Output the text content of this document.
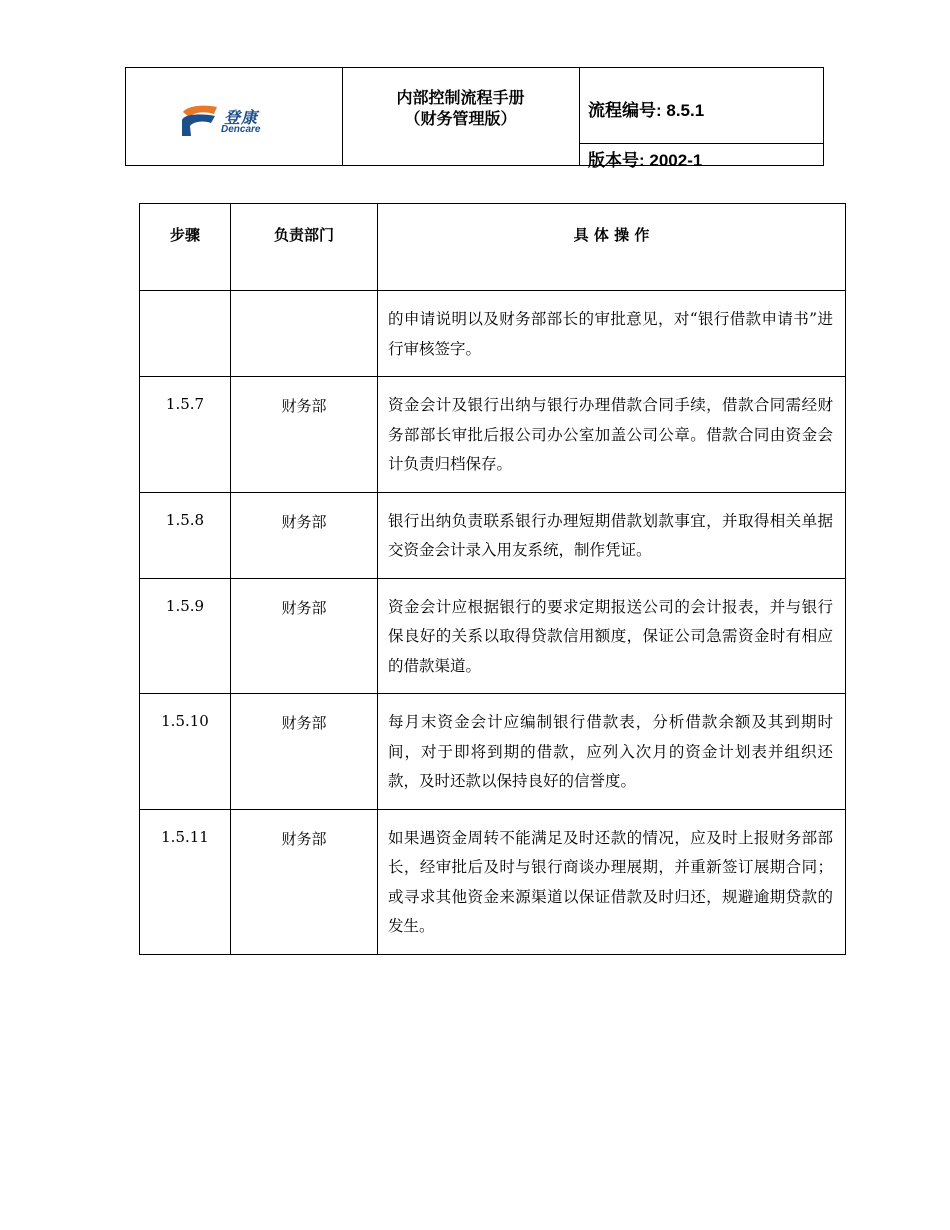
登康
Dencare
内部控制流程手册
（财务管理版）	流程编号: 8.5.1
版本号: 2002-1
步骤	负责部门	具 体 操 作
		的申请说明以及财务部部长的审批意见，对“银行借款申请书”进行审核签字。
1.5.7	财务部	资金会计及银行出纳与银行办理借款合同手续，借款合同需经财务部部长审批后报公司办公室加盖公司公章。借款合同由资金会计负责归档保存。
1.5.8	财务部	银行出纳负责联系银行办理短期借款划款事宜，并取得相关单据交资金会计录入用友系统，制作凭证。
1.5.9	财务部	资金会计应根据银行的要求定期报送公司的会计报表，并与银行保良好的关系以取得贷款信用额度，保证公司急需资金时有相应的借款渠道。
1.5.10	财务部	每月末资金会计应编制银行借款表，分析借款余额及其到期时间，对于即将到期的借款，应列入次月的资金计划表并组织还款，及时还款以保持良好的信誉度。
1.5.11	财务部	如果遇资金周转不能满足及时还款的情况，应及时上报财务部部长，经审批后及时与银行商谈办理展期，并重新签订展期合同；或寻求其他资金来源渠道以保证借款及时归还，规避逾期贷款的发生。
